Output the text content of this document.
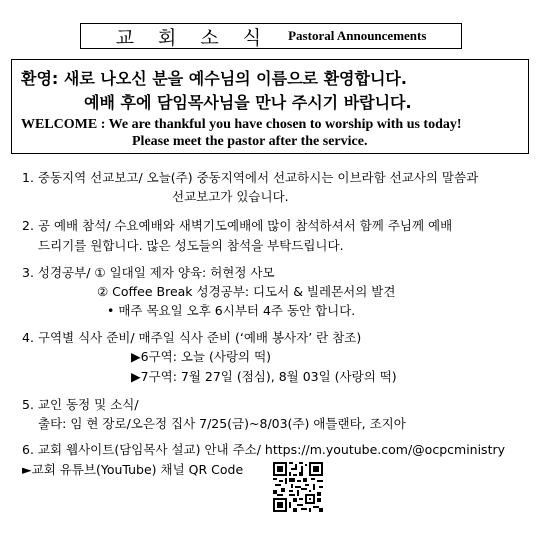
교 회 소 식 Pastoral Announcements
환영: 새로 나오신 분을 예수님의 이름으로 환영합니다.
예배 후에 담임목사님을 만나 주시기 바랍니다.
WELCOME : We are thankful you have chosen to worship with us today!
Please meet the pastor after the service.
1. 중동지역 선교보고/ 오늘(주) 중동지역에서 선교하시는 이브라함 선교사의 말씀과
선교보고가 있습니다.
2. 공 예배 참석/ 수요예배와 새벽기도예배에 많이 참석하셔서 함께 주님께 예배
드리기를 원합니다. 많은 성도들의 참석을 부탁드립니다.
3. 성경공부/ ① 일대일 제자 양육: 허현정 사모
② Coffee Break 성경공부: 디도서 & 빌레몬서의 발견
• 매주 목요일 오후 6시부터 4주 동안 합니다.
4. 구역별 식사 준비/ 매주일 식사 준비 (‘예배 봉사자’ 란 참조)
▶6구역: 오늘 (사랑의 떡)
▶7구역: 7월 27일 (점심), 8월 03일 (사랑의 떡)
5. 교인 동정 및 소식/
출타: 임 현 장로/오은정 집사 7/25(금)~8/03(주) 애틀랜타, 조지아
6. 교회 웹사이트(담임목사 설교) 안내 주소/ https://m.youtube.com/@ocpcministry
►교회 유튜브(YouTube) 채널 QR Code
